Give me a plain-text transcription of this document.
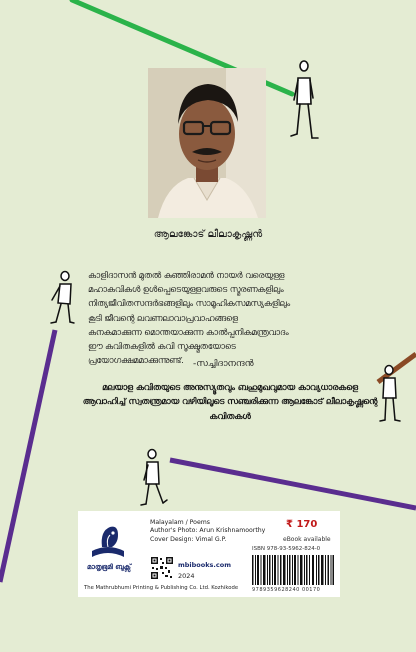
ആലങ്കോട് ലീലാകൃഷ്ണൻ

കാളിദാസൻ മുതൽ കുഞ്ഞിരാമൻ നായർ വരെയുള്ള

മഹാകവികൾ ഉൾപ്പെടെയുള്ളവരുടെ സ്മരണകളിലും

നിത്യജീവിതസന്ദർഭങ്ങളിലും സാമൂഹികസമസ്യകളിലും

കൂടി ജീവന്റെ ലവണലാവാപ്രവാഹങ്ങളെ

കനകമാക്കുന്ന മൊന്തയാക്കുന്ന കാൽപ്പനികമന്ത്രവാദം

ഈ കവിതകളിൽ കവി സൂക്ഷ്മതയോടെ

പ്രയോഗക്ഷമമാക്കുന്നുണ്ട്.	-സച്ചിദാനന്ദൻ
മലയാള കവിതയുടെ അനുസ്യൂതവും ബഹുമുഖവുമായ കാവ്യധാരകളെ ആവാഹിച്ച് സ്വതന്ത്രമായ വഴിയിലൂടെ സഞ്ചരിക്കുന്ന ആലങ്കോട് ലീലാകൃഷ്ണന്റെ കവിതകൾ
മാതൃഭൂമി ബുക്സ്
Malayalam / Poems
Author's Photo: Arun Krishnamoorthy
Cover Design: Vimal G.P.
mbibooks.com
2024
The Mathrubhumi Printing & Publishing Co. Ltd. Kozhikode
₹ 170
eBook available
ISBN 978-93-5962-824-0
9789359628240 00170
